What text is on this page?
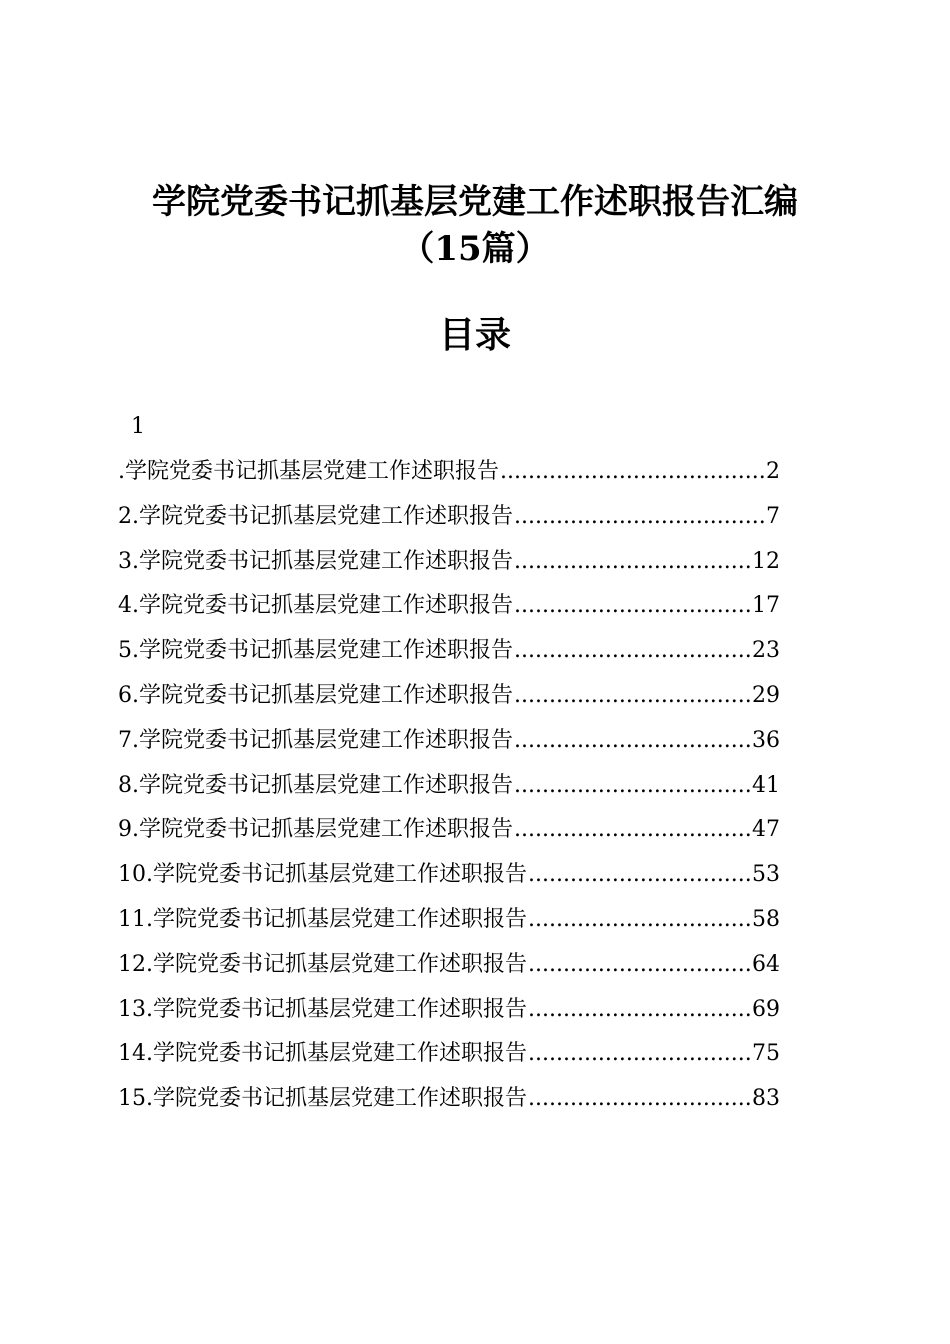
学院党委书记抓基层党建工作述职报告汇编
（15篇）
目录
1
.学院党委书记抓基层党建工作述职报告 .....	2
2.学院党委书记抓基层党建工作述职报告 .....	7
3.学院党委书记抓基层党建工作述职报告 .....	12
4.学院党委书记抓基层党建工作述职报告 .....	17
5.学院党委书记抓基层党建工作述职报告 .....	23
6.学院党委书记抓基层党建工作述职报告 .....	29
7.学院党委书记抓基层党建工作述职报告 .....	36
8.学院党委书记抓基层党建工作述职报告 .....	41
9.学院党委书记抓基层党建工作述职报告 .....	47
10.学院党委书记抓基层党建工作述职报告 .....	53
11.学院党委书记抓基层党建工作述职报告 .....	58
12.学院党委书记抓基层党建工作述职报告 .....	64
13.学院党委书记抓基层党建工作述职报告 .....	69
14.学院党委书记抓基层党建工作述职报告 .....	75
15.学院党委书记抓基层党建工作述职报告 .....	83
